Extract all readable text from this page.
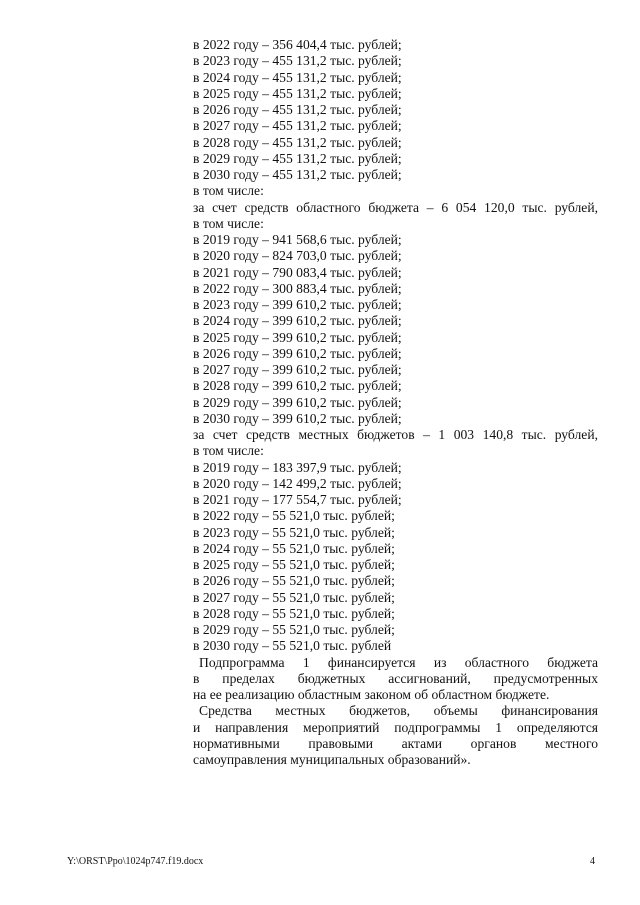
в 2022 году – 356 404,4 тыс. рублей;
в 2023 году – 455 131,2 тыс. рублей;
в 2024 году – 455 131,2 тыс. рублей;
в 2025 году – 455 131,2 тыс. рублей;
в 2026 году – 455 131,2 тыс. рублей;
в 2027 году – 455 131,2 тыс. рублей;
в 2028 году – 455 131,2 тыс. рублей;
в 2029 году – 455 131,2 тыс. рублей;
в 2030 году – 455 131,2 тыс. рублей;
в том числе:
за счет средств областного бюджета – 6 054 120,0 тыс. рублей,
в том числе:
в 2019 году – 941 568,6 тыс. рублей;
в 2020 году – 824 703,0 тыс. рублей;
в 2021 году – 790 083,4 тыс. рублей;
в 2022 году – 300 883,4 тыс. рублей;
в 2023 году – 399 610,2 тыс. рублей;
в 2024 году – 399 610,2 тыс. рублей;
в 2025 году – 399 610,2 тыс. рублей;
в 2026 году – 399 610,2 тыс. рублей;
в 2027 году – 399 610,2 тыс. рублей;
в 2028 году – 399 610,2 тыс. рублей;
в 2029 году – 399 610,2 тыс. рублей;
в 2030 году – 399 610,2 тыс. рублей;
за счет средств местных бюджетов – 1 003 140,8 тыс. рублей,
в том числе:
в 2019 году – 183 397,9 тыс. рублей;
в 2020 году – 142 499,2 тыс. рублей;
в 2021 году – 177 554,7 тыс. рублей;
в 2022 году – 55 521,0 тыс. рублей;
в 2023 году – 55 521,0 тыс. рублей;
в 2024 году – 55 521,0 тыс. рублей;
в 2025 году – 55 521,0 тыс. рублей;
в 2026 году – 55 521,0 тыс. рублей;
в 2027 году – 55 521,0 тыс. рублей;
в 2028 году – 55 521,0 тыс. рублей;
в 2029 году – 55 521,0 тыс. рублей;
в 2030 году – 55 521,0 тыс. рублей
Подпрограмма 1 финансируется из областного бюджета
в пределах бюджетных ассигнований, предусмотренных
на ее реализацию областным законом об областном бюджете.
Средства местных бюджетов, объемы финансирования
и направления мероприятий подпрограммы 1 определяются
нормативными правовыми актами органов местного
самоуправления муниципальных образований».
Y:\ORST\Ppo\1024p747.f19.docx	4
